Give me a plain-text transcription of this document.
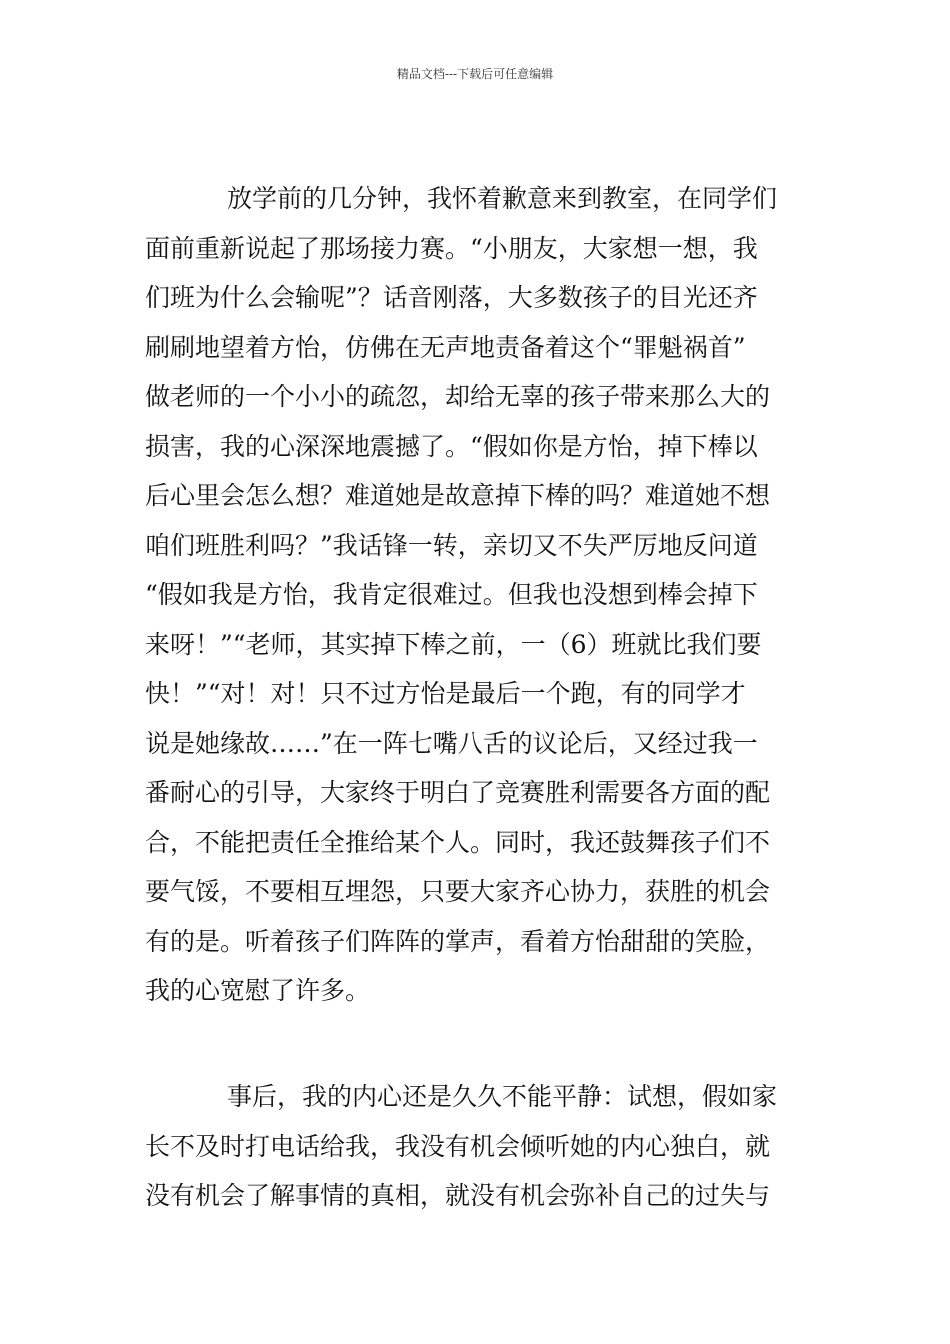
精品文档---下载后可任意编辑
放学前的几分钟，我怀着歉意来到教室，在同学们
面前重新说起了那场接力赛。“小朋友，大家想一想，我
们班为什么会输呢”？话音刚落，大多数孩子的目光还齐
刷刷地望着方怡，仿佛在无声地责备着这个“罪魁祸首”
做老师的一个小小的疏忽，却给无辜的孩子带来那么大的
损害，我的心深深地震撼了。“假如你是方怡，掉下棒以
后心里会怎么想？难道她是故意掉下棒的吗？难道她不想
咱们班胜利吗？”我话锋一转，亲切又不失严厉地反问道
“假如我是方怡，我肯定很难过。但我也没想到棒会掉下
来呀！”“老师，其实掉下棒之前，一（6）班就比我们要
快！”“对！对！只不过方怡是最后一个跑，有的同学才
说是她缘故……”在一阵七嘴八舌的议论后，又经过我一
番耐心的引导，大家终于明白了竞赛胜利需要各方面的配
合，不能把责任全推给某个人。同时，我还鼓舞孩子们不
要气馁，不要相互埋怨，只要大家齐心协力，获胜的机会
有的是。听着孩子们阵阵的掌声，看着方怡甜甜的笑脸，
我的心宽慰了许多。
事后，我的内心还是久久不能平静：试想，假如家
长不及时打电话给我，我没有机会倾听她的内心独白，就
没有机会了解事情的真相，就没有机会弥补自己的过失与
